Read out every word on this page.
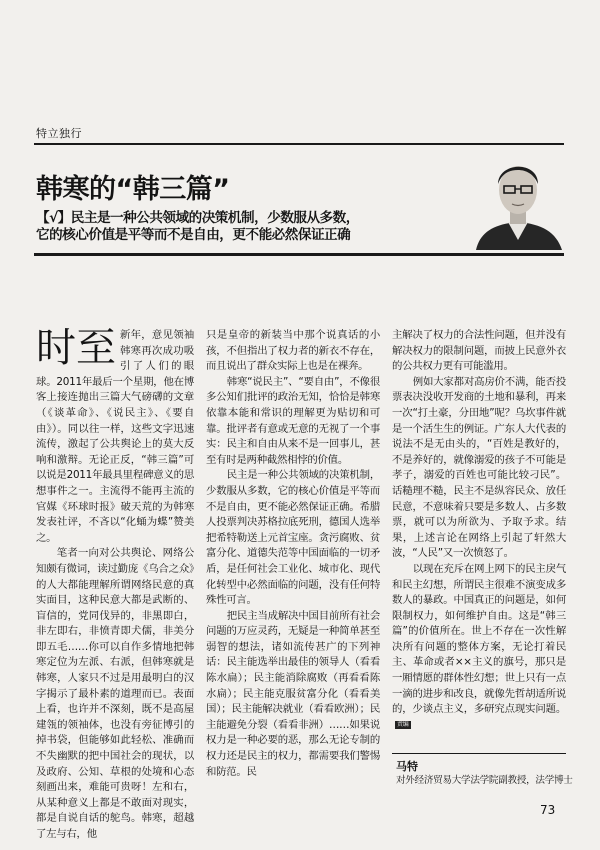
特立独行
韩寒的“韩三篇”
【√】民主是一种公共领域的决策机制，少数服从多数，
它的核心价值是平等而不是自由，更不能必然保证正确
时至 新年，意见领袖韩寒再次成功吸引了人们的眼球。2011年最后一个星期，他在博客上接连抛出三篇大气磅礴的文章（《谈革命》、《说民主》、《要自由》）。同以往一样，这些文字迅速流传，激起了公共舆论上的莫大反响和激辩。无论正反，“韩三篇”可以说是2011年最具里程碑意义的思想事件之一。主流得不能再主流的官媒《环球时报》破天荒的为韩寒发表社评，不吝以“化蛹为蝶”赞美之。

笔者一向对公共舆论、网络公知颇有微词，读过勤庞《乌合之众》的人大都能理解所谓网络民意的真实面目，这种民意大都是武断的、盲信的，党同伐异的，非黑即白，非左即右，非愤青即犬儒，非美分即五毛……你可以自作多情地把韩寒定位为左派、右派，但韩寒就是韩寒，人家只不过是用最明白的汉字揭示了最朴素的道理而已。表面上看，也许并不深刻，既不是高屋建瓴的领袖体，也没有旁征博引的掉书袋，但能够如此轻松、准确而不失幽默的把中国社会的现状，以及政府、公知、草根的处境和心态刻画出来，难能可贵呀！左和右，从某种意义上都是不敢面对现实，都是自说自话的鸵鸟。韩寒，超越了左与右，他

只是皇帝的新装当中那个说真话的小孩，不但指出了权力者的新衣不存在，而且说出了群众实际上也是在裸奔。

韩寒“说民主”、“要自由”，不像很多公知们批评的政治无知，恰恰是韩寒依靠本能和常识的理解更为贴切和可靠。批评者有意或无意的无视了一个事实：民主和自由从来不是一回事儿，甚至有时是两种截然相悖的价值。

民主是一种公共领域的决策机制，少数服从多数，它的核心价值是平等而不是自由，更不能必然保证正确。希腊人投票判决苏格拉底死刑，德国人选举把希特勒送上元首宝座。贪污腐败、贫富分化、道德失范等中国面临的一切矛盾，是任何社会工业化、城市化、现代化转型中必然面临的问题，没有任何特殊性可言。

把民主当成解决中国目前所有社会问题的万应灵药，无疑是一种简单甚至弱智的想法，诸如流传甚广的下列神话：民主能选举出最佳的领导人（看看陈水扁）；民主能消除腐败（再看看陈水扁）；民主能克服贫富分化（看看美国）；民主能解决就业（看看欧洲）；民主能避免分裂（看看非洲）……如果说权力是一种必要的恶，那么无论专制的权力还是民主的权力，都需要我们警惕和防范。民

主解决了权力的合法性问题，但并没有解决权力的限制问题，而披上民意外衣的公共权力更有可能滥用。

例如大家都对高房价不满，能否投票表决没收开发商的土地和暴利，再来一次“打土豪，分田地”呢？乌坎事件就是一个活生生的例证。广东人大代表的说法不是无由头的，“百姓是教好的，不是养好的，就像溺爱的孩子不可能是孝子，溺爱的百姓也可能比较刁民”。话糙理不糙，民主不是纵容民众、放任民意，不意味着只要是多数人、占多数票，就可以为所欲为、予取予求。结果，上述言论在网络上引起了轩然大波，“人民”又一次愤怒了。

以现在充斥在网上网下的民主戾气和民主幻想，所谓民主很难不演变成多数人的暴政。中国真正的问题是，如何限制权力，如何维护自由。这是“韩三篇”的价值所在。世上不存在一次性解决所有问题的整体方案，无论打着民主、革命或者××主义的旗号，那只是一厢情愿的群体性幻想；世上只有一点一滴的进步和改良，就像先哲胡适所说的，少谈点主义，多研究点现实问题。责编

马特
对外经济贸易大学法学院副教授，法学博士
73
